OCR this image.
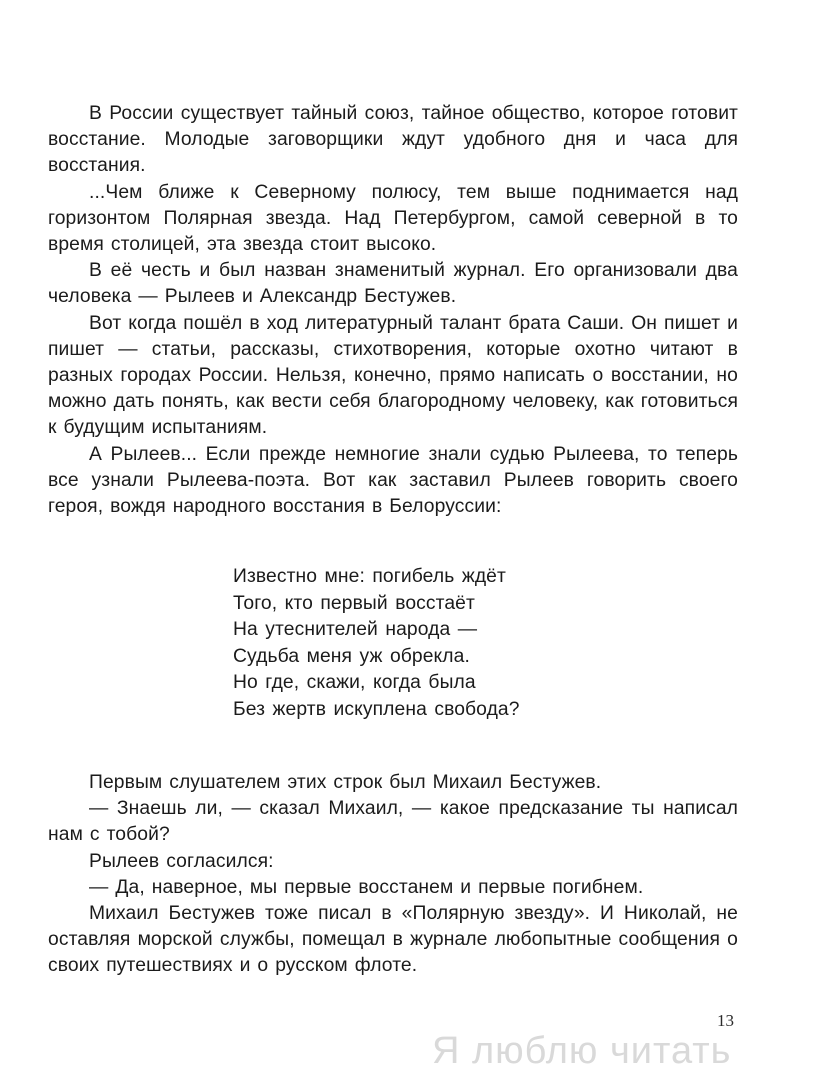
В России существует тайный союз, тайное общество, которое готовит восстание. Молодые заговорщики ждут удобного дня и часа для восстания.

...Чем ближе к Северному полюсу, тем выше поднимается над горизонтом Полярная звезда. Над Петербургом, самой северной в то время столицей, эта звезда стоит высоко.

В её честь и был назван знаменитый журнал. Его организовали два человека — Рылеев и Александр Бестужев.

Вот когда пошёл в ход литературный талант брата Саши. Он пишет и пишет — статьи, рассказы, стихотворения, которые охотно читают в разных городах России. Нельзя, конечно, прямо написать о восстании, но можно дать понять, как вести себя благородному человеку, как готовиться к будущим испытаниям.

А Рылеев... Если прежде немногие знали судью Рылеева, то теперь все узнали Рылеева-поэта. Вот как заставил Рылеев говорить своего героя, вождя народного восстания в Белоруссии:

Известно мне: погибель ждёт
Того, кто первый восстаёт
На утеснителей народа —
Судьба меня уж обрекла.
Но где, скажи, когда была
Без жертв искуплена свобода?

Первым слушателем этих строк был Михаил Бестужев.

— Знаешь ли, — сказал Михаил, — какое предсказание ты написал нам с тобой?

Рылеев согласился:

— Да, наверное, мы первые восстанем и первые погибнем.

Михаил Бестужев тоже писал в «Полярную звезду». И Николай, не оставляя морской службы, помещал в журнале любопытные сообщения о своих путешествиях и о русском флоте.

13
Я люблю читать
